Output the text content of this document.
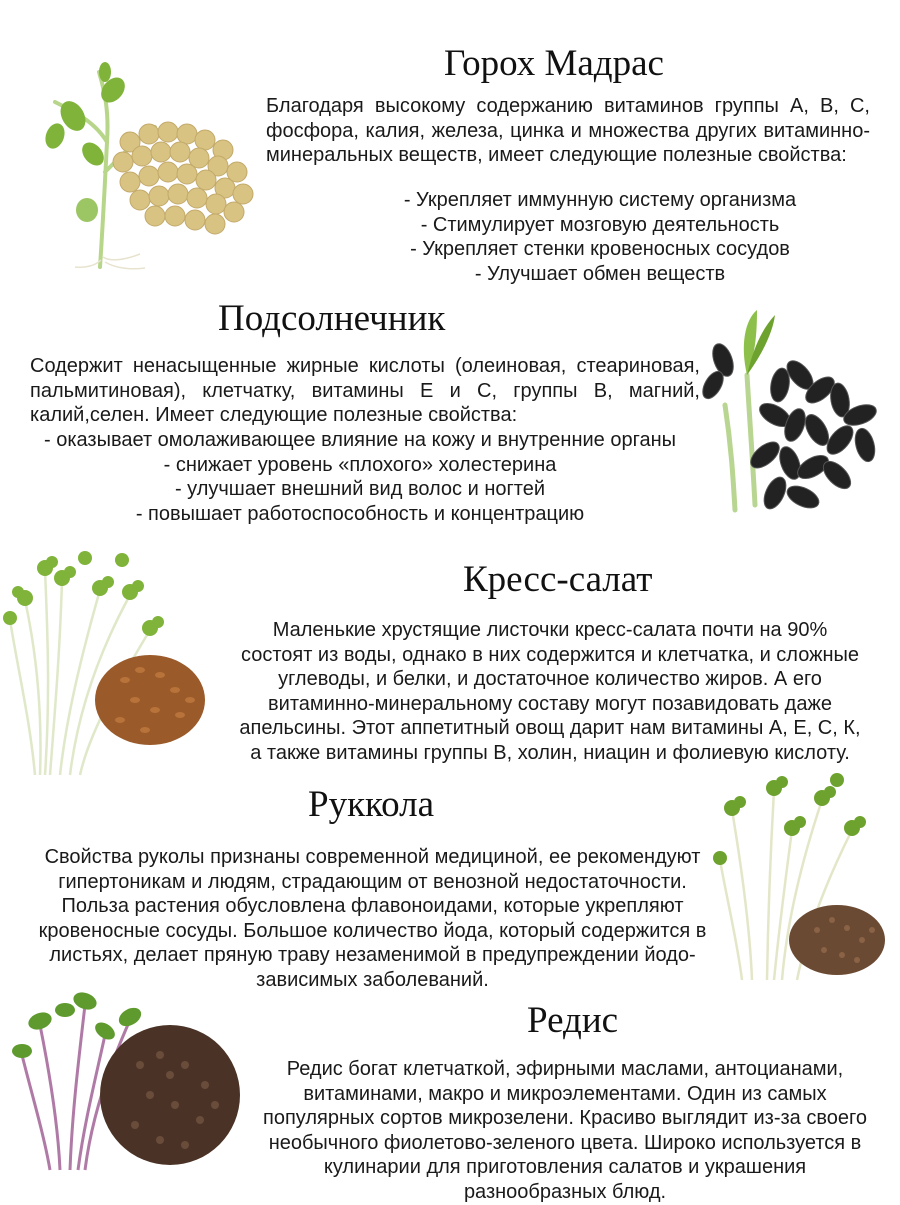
Горох Мадрас

Благодаря высокому содержанию витаминов группы А, В, С, фосфора, калия, железа, цинка и множества других витаминно-минеральных веществ, имеет следующие полезные свойства:

- Укрепляет иммунную систему организма
- Стимулирует мозговую деятельность
- Укрепляет стенки кровеносных сосудов
- Улучшает обмен веществ
Подсолнечник

Содержит ненасыщенные жирные кислоты (олеиновая, стеариновая, пальмитиновая), клетчатку, витамины Е и С, группы В, магний, калий,селен. Имеет следующие полезные свойства:

- оказывает омолаживающее влияние на кожу и внутренние органы
- снижает уровень «плохого» холестерина
- улучшает внешний вид волос и ногтей
- повышает работоспособность и концентрацию
Кресс-салат
Маленькие хрустящие листочки кресс-салата почти на 90%
состоят из воды, однако в них содержится и клетчатка, и сложные
углеводы, и белки, и достаточное количество жиров. А его
витаминно-минеральному составу могут позавидовать даже
апельсины. Этот аппетитный овощ дарит нам витамины А, Е, С, К,
а также витамины группы В, холин, ниацин и фолиевую кислоту.
Руккола
Свойства руколы признаны современной медициной, ее рекомендуют
гипертоникам и людям, страдающим от венозной недостаточности.
Польза растения обусловлена флавоноидами, которые укрепляют
кровеносные сосуды. Большое количество йода, который содержится в
листьях, делает пряную траву незаменимой в предупреждении йодо-
зависимых заболеваний.
Редис
Редис богат клетчаткой, эфирными маслами, антоцианами,
витаминами, макро и микроэлементами. Один из самых
популярных сортов микрозелени. Красиво выглядит из-за своего
необычного фиолетово-зеленого цвета. Широко используется в
кулинарии для приготовления салатов и украшения
разнообразных блюд.
